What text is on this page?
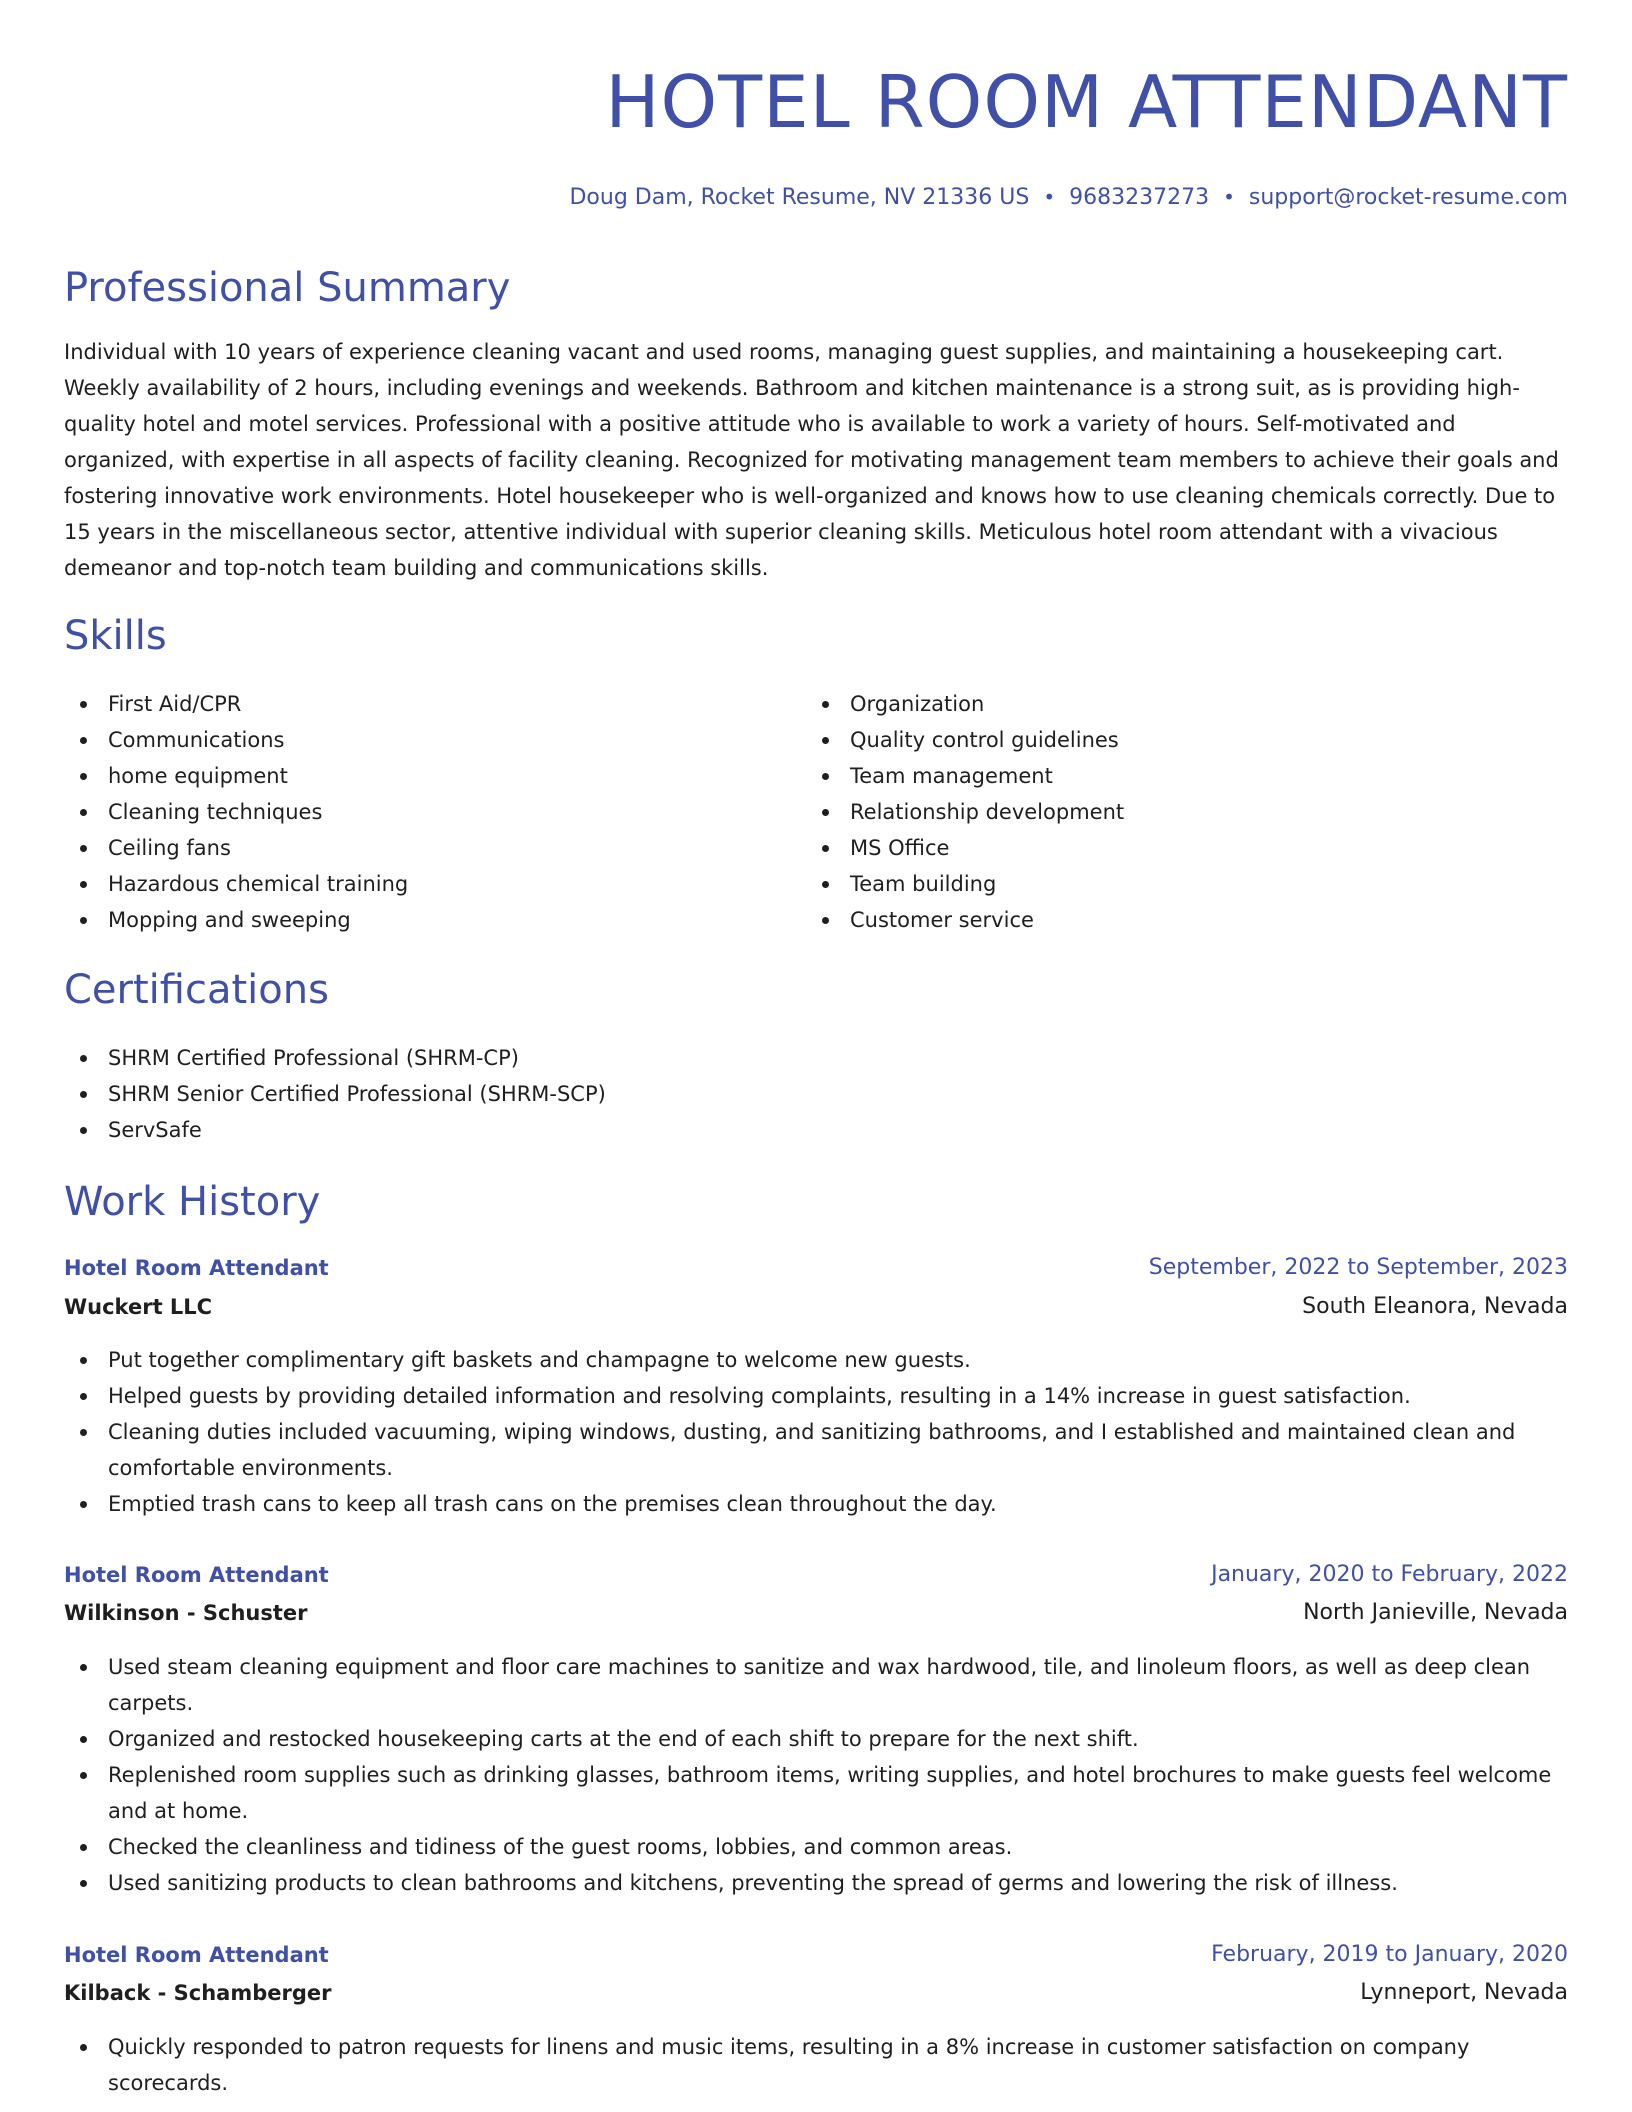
HOTEL ROOM ATTENDANT
Doug Dam, Rocket Resume, NV 21336 US • 9683237273 • support@rocket-resume.com
Professional Summary

Individual with 10 years of experience cleaning vacant and used rooms, managing guest supplies, and maintaining a housekeeping cart. Weekly availability of 2 hours, including evenings and weekends. Bathroom and kitchen maintenance is a strong suit, as is providing high-quality hotel and motel services. Professional with a positive attitude who is available to work a variety of hours. Self-motivated and organized, with expertise in all aspects of facility cleaning. Recognized for motivating management team members to achieve their goals and fostering innovative work environments. Hotel housekeeper who is well-organized and knows how to use cleaning chemicals correctly. Due to 15 years in the miscellaneous sector, attentive individual with superior cleaning skills. Meticulous hotel room attendant with a vivacious demeanor and top-notch team building and communications skills.

Skills
First Aid/CPR
Communications
home equipment
Cleaning techniques
Ceiling fans
Hazardous chemical training
Mopping and sweeping
Organization
Quality control guidelines
Team management
Relationship development
MS Office
Team building
Customer service
Certifications
SHRM Certified Professional (SHRM-CP)
SHRM Senior Certified Professional (SHRM-SCP)
ServSafe
Work History
Hotel Room Attendant	September, 2022 to September, 2023
Wuckert LLC	South Eleanora, Nevada
Put together complimentary gift baskets and champagne to welcome new guests.
Helped guests by providing detailed information and resolving complaints, resulting in a 14% increase in guest satisfaction.
Cleaning duties included vacuuming, wiping windows, dusting, and sanitizing bathrooms, and I established and maintained clean and comfortable environments.
Emptied trash cans to keep all trash cans on the premises clean throughout the day.
Hotel Room Attendant	January, 2020 to February, 2022
Wilkinson - Schuster	North Janieville, Nevada
Used steam cleaning equipment and floor care machines to sanitize and wax hardwood, tile, and linoleum floors, as well as deep clean carpets.
Organized and restocked housekeeping carts at the end of each shift to prepare for the next shift.
Replenished room supplies such as drinking glasses, bathroom items, writing supplies, and hotel brochures to make guests feel welcome and at home.
Checked the cleanliness and tidiness of the guest rooms, lobbies, and common areas.
Used sanitizing products to clean bathrooms and kitchens, preventing the spread of germs and lowering the risk of illness.
Hotel Room Attendant	February, 2019 to January, 2020
Kilback - Schamberger	Lynneport, Nevada
Quickly responded to patron requests for linens and music items, resulting in a 8% increase in customer satisfaction on company scorecards.
